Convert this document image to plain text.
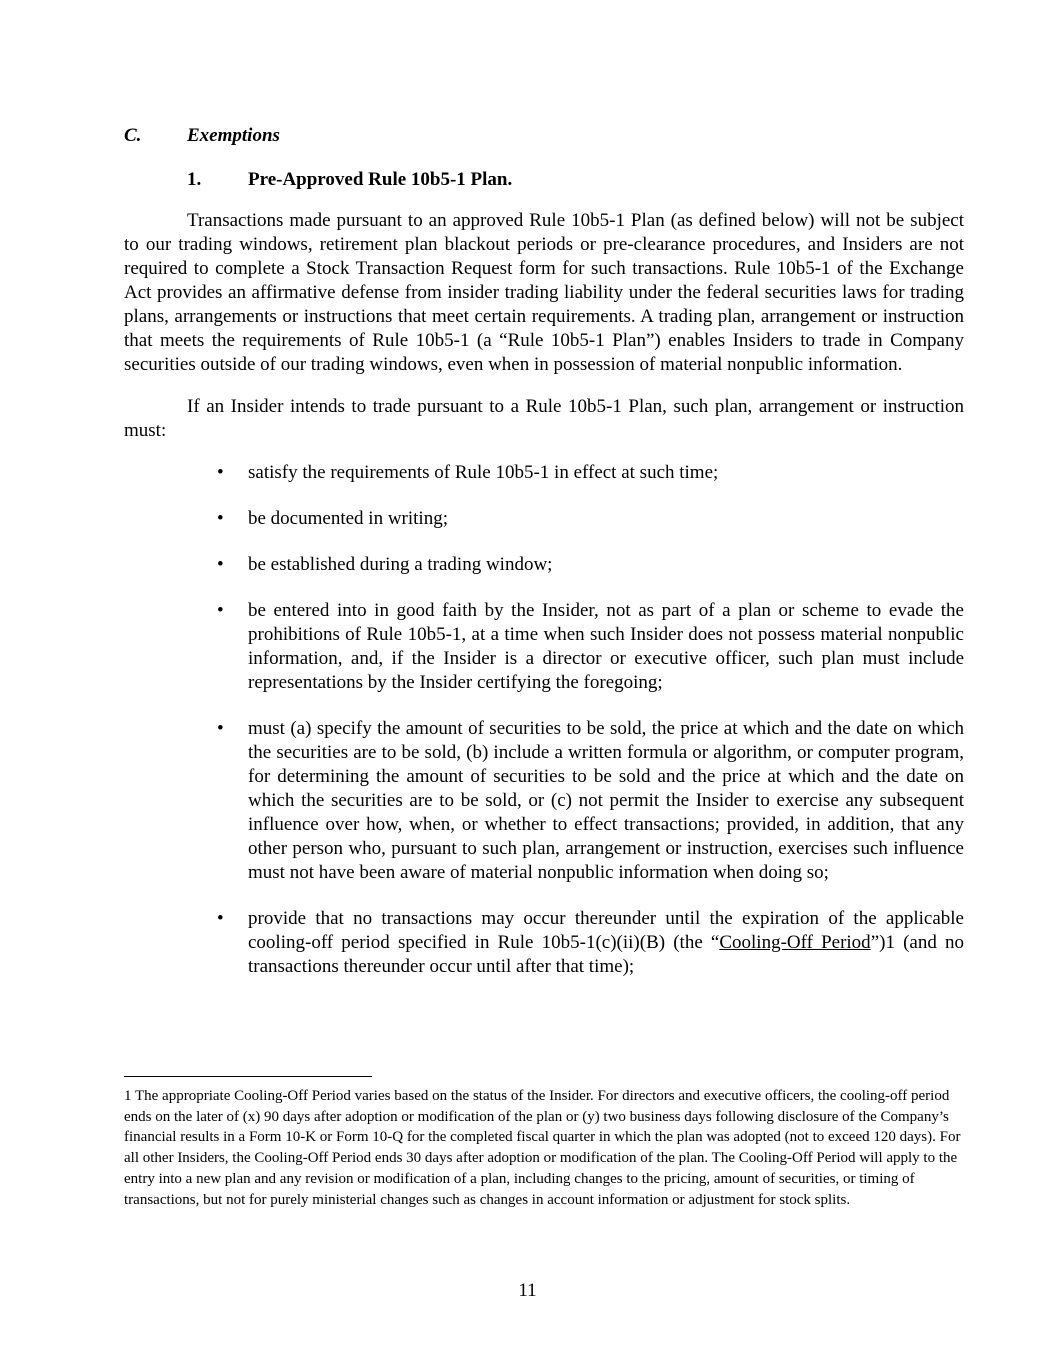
C. Exemptions
1. Pre-Approved Rule 10b5-1 Plan.

Transactions made pursuant to an approved Rule 10b5-1 Plan (as defined below) will not be subject to our trading windows, retirement plan blackout periods or pre-clearance procedures, and Insiders are not required to complete a Stock Transaction Request form for such transactions. Rule 10b5-1 of the Exchange Act provides an affirmative defense from insider trading liability under the federal securities laws for trading plans, arrangements or instructions that meet certain requirements. A trading plan, arrangement or instruction that meets the requirements of Rule 10b5-1 (a “Rule 10b5-1 Plan”) enables Insiders to trade in Company securities outside of our trading windows, even when in possession of material nonpublic information.

If an Insider intends to trade pursuant to a Rule 10b5-1 Plan, such plan, arrangement or instruction must:

• satisfy the requirements of Rule 10b5-1 in effect at such time;
• be documented in writing;
• be established during a trading window;
• be entered into in good faith by the Insider, not as part of a plan or scheme to evade the prohibitions of Rule 10b5-1, at a time when such Insider does not possess material nonpublic information, and, if the Insider is a director or executive officer, such plan must include representations by the Insider certifying the foregoing;
• must (a) specify the amount of securities to be sold, the price at which and the date on which the securities are to be sold, (b) include a written formula or algorithm, or computer program, for determining the amount of securities to be sold and the price at which and the date on which the securities are to be sold, or (c) not permit the Insider to exercise any subsequent influence over how, when, or whether to effect transactions; provided, in addition, that any other person who, pursuant to such plan, arrangement or instruction, exercises such influence must not have been aware of material nonpublic information when doing so;
• provide that no transactions may occur thereunder until the expiration of the applicable cooling-off period specified in Rule 10b5-1(c)(ii)(B) (the “Cooling-Off Period”)1 (and no transactions thereunder occur until after that time);
1 The appropriate Cooling-Off Period varies based on the status of the Insider. For directors and executive officers, the cooling-off period ends on the later of (x) 90 days after adoption or modification of the plan or (y) two business days following disclosure of the Company’s financial results in a Form 10-K or Form 10-Q for the completed fiscal quarter in which the plan was adopted (not to exceed 120 days). For all other Insiders, the Cooling-Off Period ends 30 days after adoption or modification of the plan. The Cooling-Off Period will apply to the entry into a new plan and any revision or modification of a plan, including changes to the pricing, amount of securities, or timing of transactions, but not for purely ministerial changes such as changes in account information or adjustment for stock splits.
11
